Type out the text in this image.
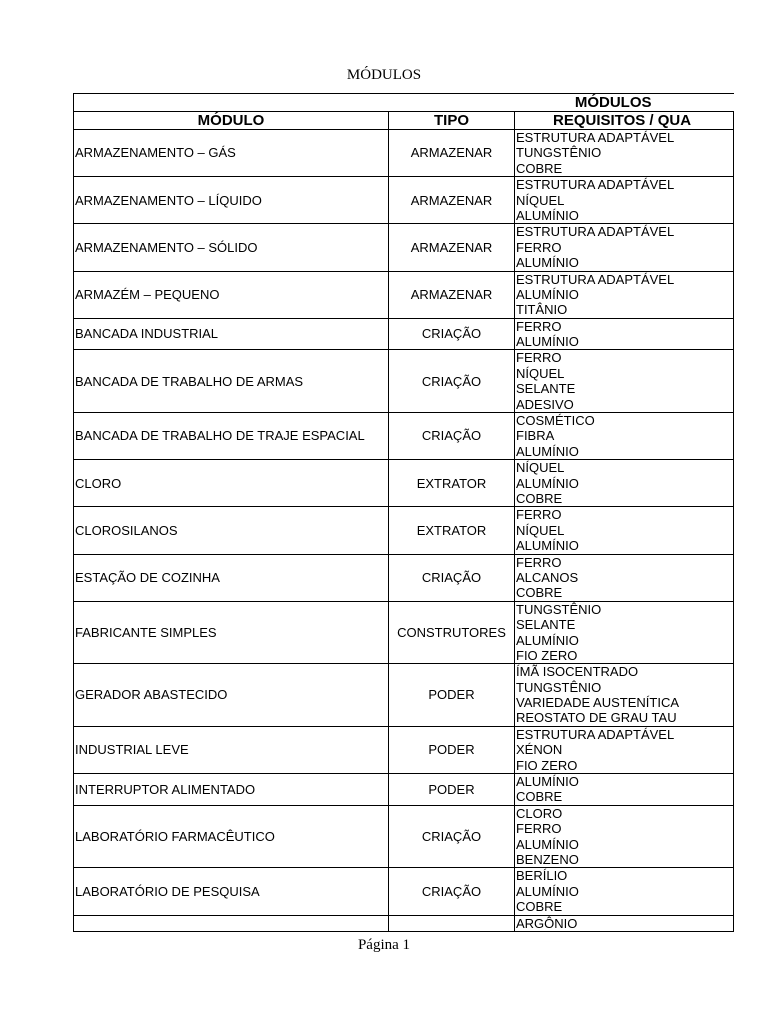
MÓDULOS
MÓDULOS		
MÓDULO	TIPO	REQUISITOS / QUA
ARMAZENAMENTO – GÁS	ARMAZENAR	ESTRUTURA ADAPTÁVEL
TUNGSTÊNIO
COBRE

ARMAZENAMENTO – LÍQUIDO	ARMAZENAR	ESTRUTURA ADAPTÁVEL
NÍQUEL
ALUMÍNIO

ARMAZENAMENTO – SÓLIDO	ARMAZENAR	ESTRUTURA ADAPTÁVEL
FERRO
ALUMÍNIO

ARMAZÉM – PEQUENO	ARMAZENAR	ESTRUTURA ADAPTÁVEL
ALUMÍNIO
TITÂNIO

BANCADA INDUSTRIAL	CRIAÇÃO	FERRO
ALUMÍNIO

BANCADA DE TRABALHO DE ARMAS	CRIAÇÃO	FERRO
NÍQUEL
SELANTE
ADESIVO

BANCADA DE TRABALHO DE TRAJE ESPACIAL	CRIAÇÃO	COSMÉTICO
FIBRA
ALUMÍNIO

CLORO	EXTRATOR	NÍQUEL
ALUMÍNIO
COBRE

CLOROSILANOS	EXTRATOR	FERRO
NÍQUEL
ALUMÍNIO

ESTAÇÃO DE COZINHA	CRIAÇÃO	FERRO
ALCANOS
COBRE

FABRICANTE SIMPLES	CONSTRUTORES	TUNGSTÊNIO
SELANTE
ALUMÍNIO
FIO ZERO

GERADOR ABASTECIDO	PODER	ÍMÃ ISOCENTRADO
TUNGSTÊNIO
VARIEDADE AUSTENÍTICA
REOSTATO DE GRAU TAU

INDUSTRIAL LEVE	PODER	ESTRUTURA ADAPTÁVEL
XÉNON
FIO ZERO

INTERRUPTOR ALIMENTADO	PODER	ALUMÍNIO
COBRE

LABORATÓRIO FARMACÊUTICO	CRIAÇÃO	CLORO
FERRO
ALUMÍNIO
BENZENO

LABORATÓRIO DE PESQUISA	CRIAÇÃO	BERÍLIO
ALUMÍNIO
COBRE

		ARGÔNIO
Página 1
